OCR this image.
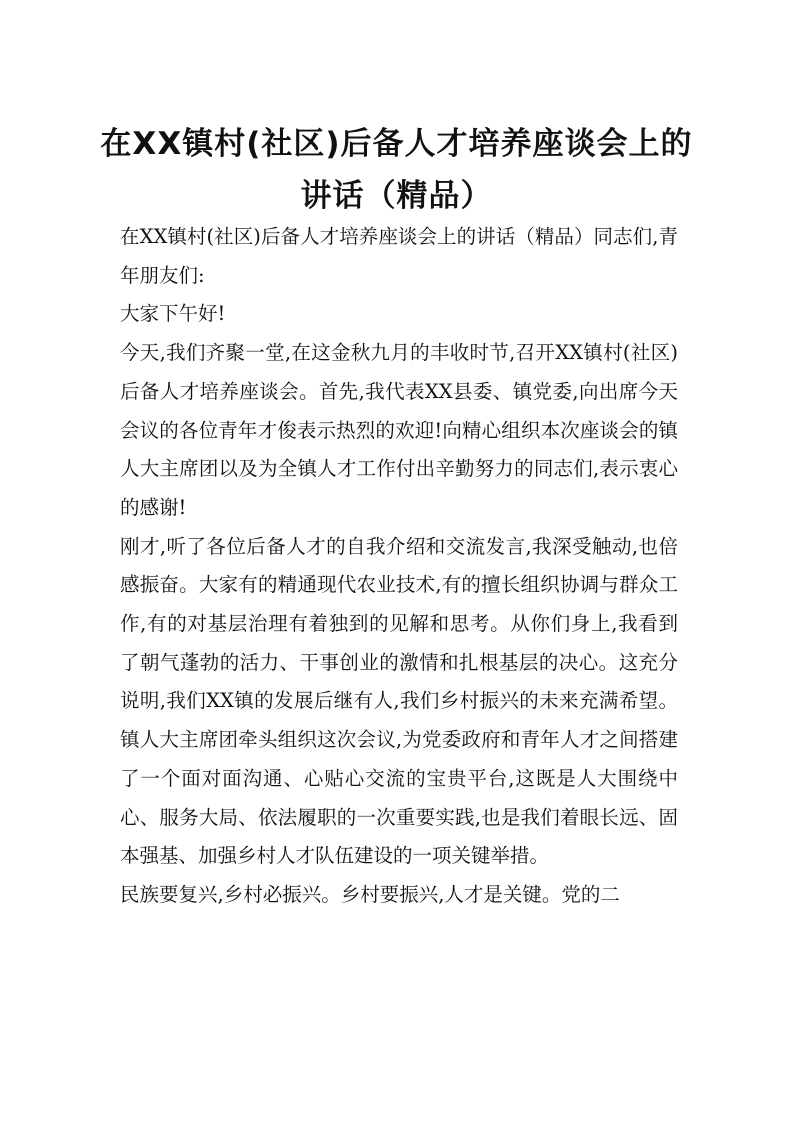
在XX镇村(社区)后备人才培养座谈会上的
讲话（精品）

在XX镇村(社区)后备人才培养座谈会上的讲话（精品）同志们,青年朋友们:

大家下午好!

今天,我们齐聚一堂,在这金秋九月的丰收时节,召开XX镇村(社区)后备人才培养座谈会。首先,我代表XX县委、镇党委,向出席今天会议的各位青年才俊表示热烈的欢迎!向精心组织本次座谈会的镇人大主席团以及为全镇人才工作付出辛勤努力的同志们,表示衷心的感谢!

刚才,听了各位后备人才的自我介绍和交流发言,我深受触动,也倍感振奋。大家有的精通现代农业技术,有的擅长组织协调与群众工作,有的对基层治理有着独到的见解和思考。从你们身上,我看到了朝气蓬勃的活力、干事创业的激情和扎根基层的决心。这充分说明,我们XX镇的发展后继有人,我们乡村振兴的未来充满希望。镇人大主席团牵头组织这次会议,为党委政府和青年人才之间搭建了一个面对面沟通、心贴心交流的宝贵平台,这既是人大围绕中心、服务大局、依法履职的一次重要实践,也是我们着眼长远、固本强基、加强乡村人才队伍建设的一项关键举措。

民族要复兴,乡村必振兴。乡村要振兴,人才是关键。党的二
